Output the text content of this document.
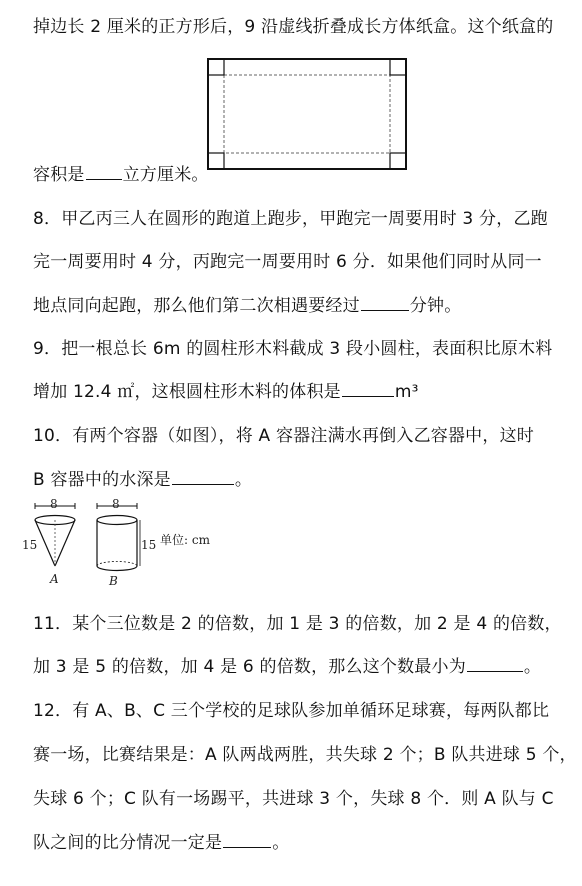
掉边长 2 厘米的正方形后，9 沿虚线折叠成长方体纸盒。这个纸盒的
容积是 立方厘米。
8．甲乙丙三人在圆形的跑道上跑步，甲跑完一周要用时 3 分，乙跑
完一周要用时 4 分，丙跑完一周要用时 6 分．如果他们同时从同一
地点同向起跑，那么他们第二次相遇要经过	分钟。
9．把一根总长 6m 的圆柱形木料截成 3 段小圆柱，表面积比原木料
增加 12.4 ㎡，这根圆柱形木料的体积是	m³
10．有两个容器（如图），将 A 容器注满水再倒入乙容器中，这时
B 容器中的水深是	。
8
15
A
8
15
B
单位: cm
11．某个三位数是 2 的倍数，加 1 是 3 的倍数，加 2 是 4 的倍数，
加 3 是 5 的倍数，加 4 是 6 的倍数，那么这个数最小为	。
12．有 A、B、C 三个学校的足球队参加单循环足球赛，每两队都比
赛一场，比赛结果是：A 队两战两胜，共失球 2 个；B 队共进球 5 个，
失球 6 个；C 队有一场踢平，共进球 3 个，失球 8 个．则 A 队与 C
队之间的比分情况一定是	。
